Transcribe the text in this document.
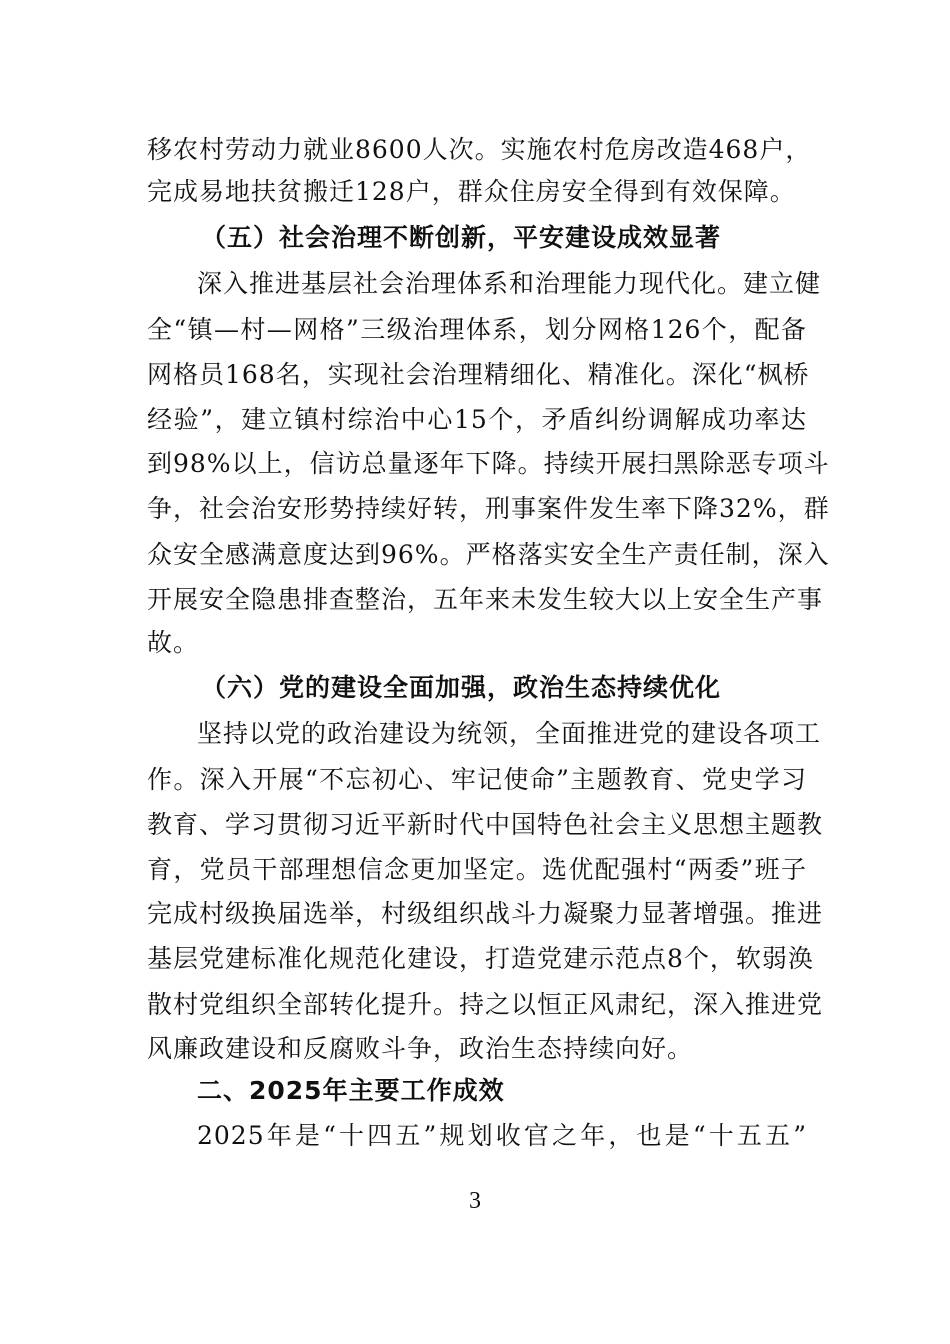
移农村劳动力就业8600人次。实施农村危房改造468户，
完成易地扶贫搬迁128户，群众住房安全得到有效保障。
（五）社会治理不断创新，平安建设成效显著
深入推进基层社会治理体系和治理能力现代化。建立健
全“镇—村—网格”三级治理体系，划分网格126个，配备
网格员168名，实现社会治理精细化、精准化。深化“枫桥
经验”，建立镇村综治中心15个，矛盾纠纷调解成功率达
到98%以上，信访总量逐年下降。持续开展扫黑除恶专项斗
争，社会治安形势持续好转，刑事案件发生率下降32%，群
众安全感满意度达到96%。严格落实安全生产责任制，深入
开展安全隐患排查整治，五年来未发生较大以上安全生产事
故。
（六）党的建设全面加强，政治生态持续优化
坚持以党的政治建设为统领，全面推进党的建设各项工
作。深入开展“不忘初心、牢记使命”主题教育、党史学习
教育、学习贯彻习近平新时代中国特色社会主义思想主题教
育，党员干部理想信念更加坚定。选优配强村“两委”班子
完成村级换届选举，村级组织战斗力凝聚力显著增强。推进
基层党建标准化规范化建设，打造党建示范点8个，软弱涣
散村党组织全部转化提升。持之以恒正风肃纪，深入推进党
风廉政建设和反腐败斗争，政治生态持续向好。
二、2025年主要工作成效
2025年是“十四五”规划收官之年，也是“十五五”
3
